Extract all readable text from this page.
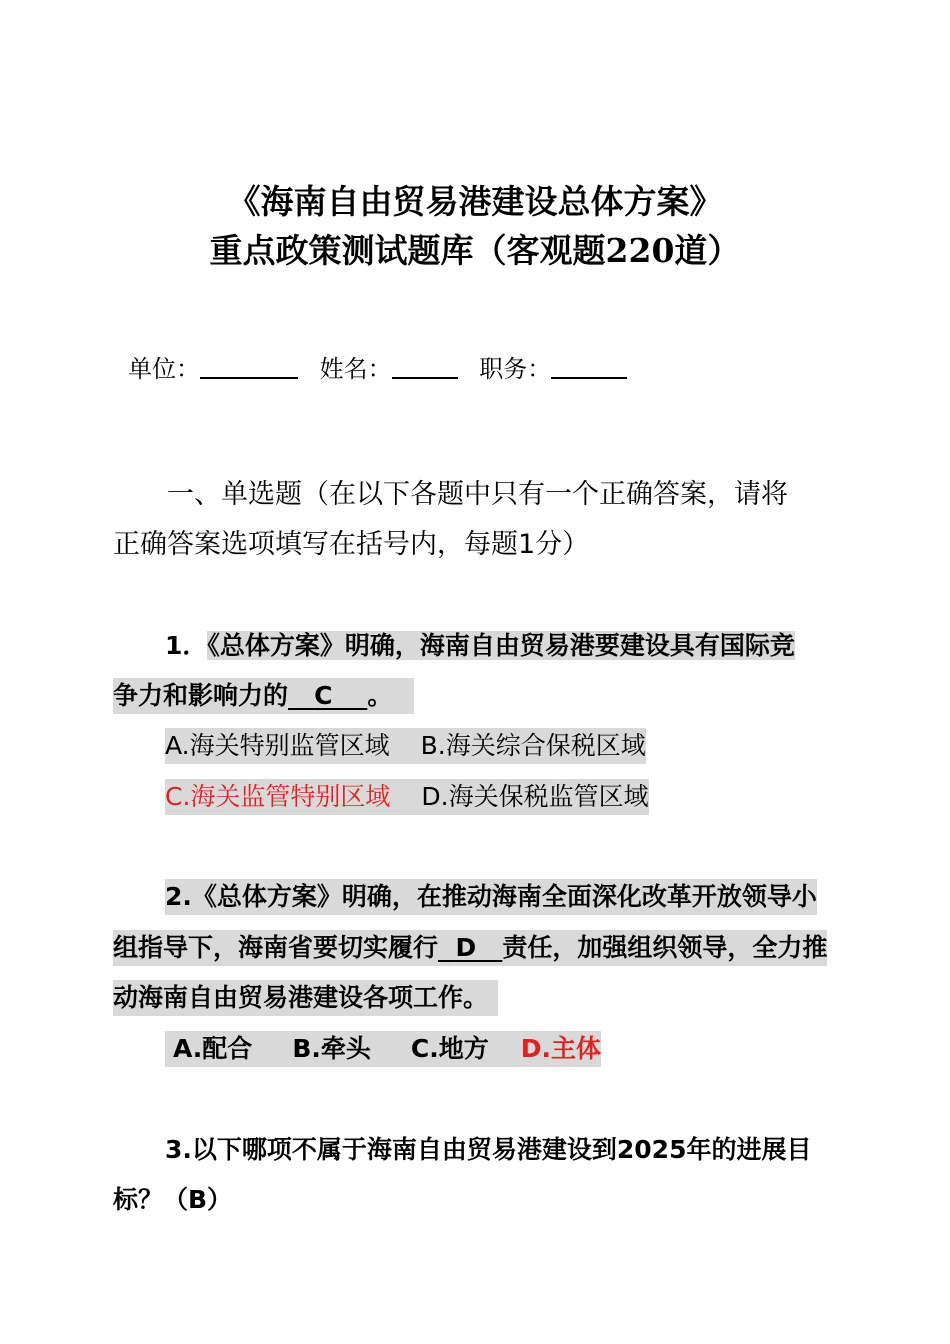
《海南自由贸易港建设总体方案》
重点政策测试题库（客观题220道）
单位：	姓名：	职务：
一、单选题（在以下各题中只有一个正确答案，请将
正确答案选项填写在括号内，每题1分）
1．《总体方案》明确，海南自由贸易港要建设具有国际竞
争力和影响力的 C 。
A.海关特别监管区域 B.海关综合保税区域
C.海关监管特别区域 D.海关保税监管区域
2.《总体方案》明确，在推动海南全面深化改革开放领导小
组指导下，海南省要切实履行 D 责任，加强组织领导，全力推
动海南自由贸易港建设各项工作。
A.配合 B.牵头 C.地方 D.主体
3.以下哪项不属于海南自由贸易港建设到2025年的进展目
标？（B）
